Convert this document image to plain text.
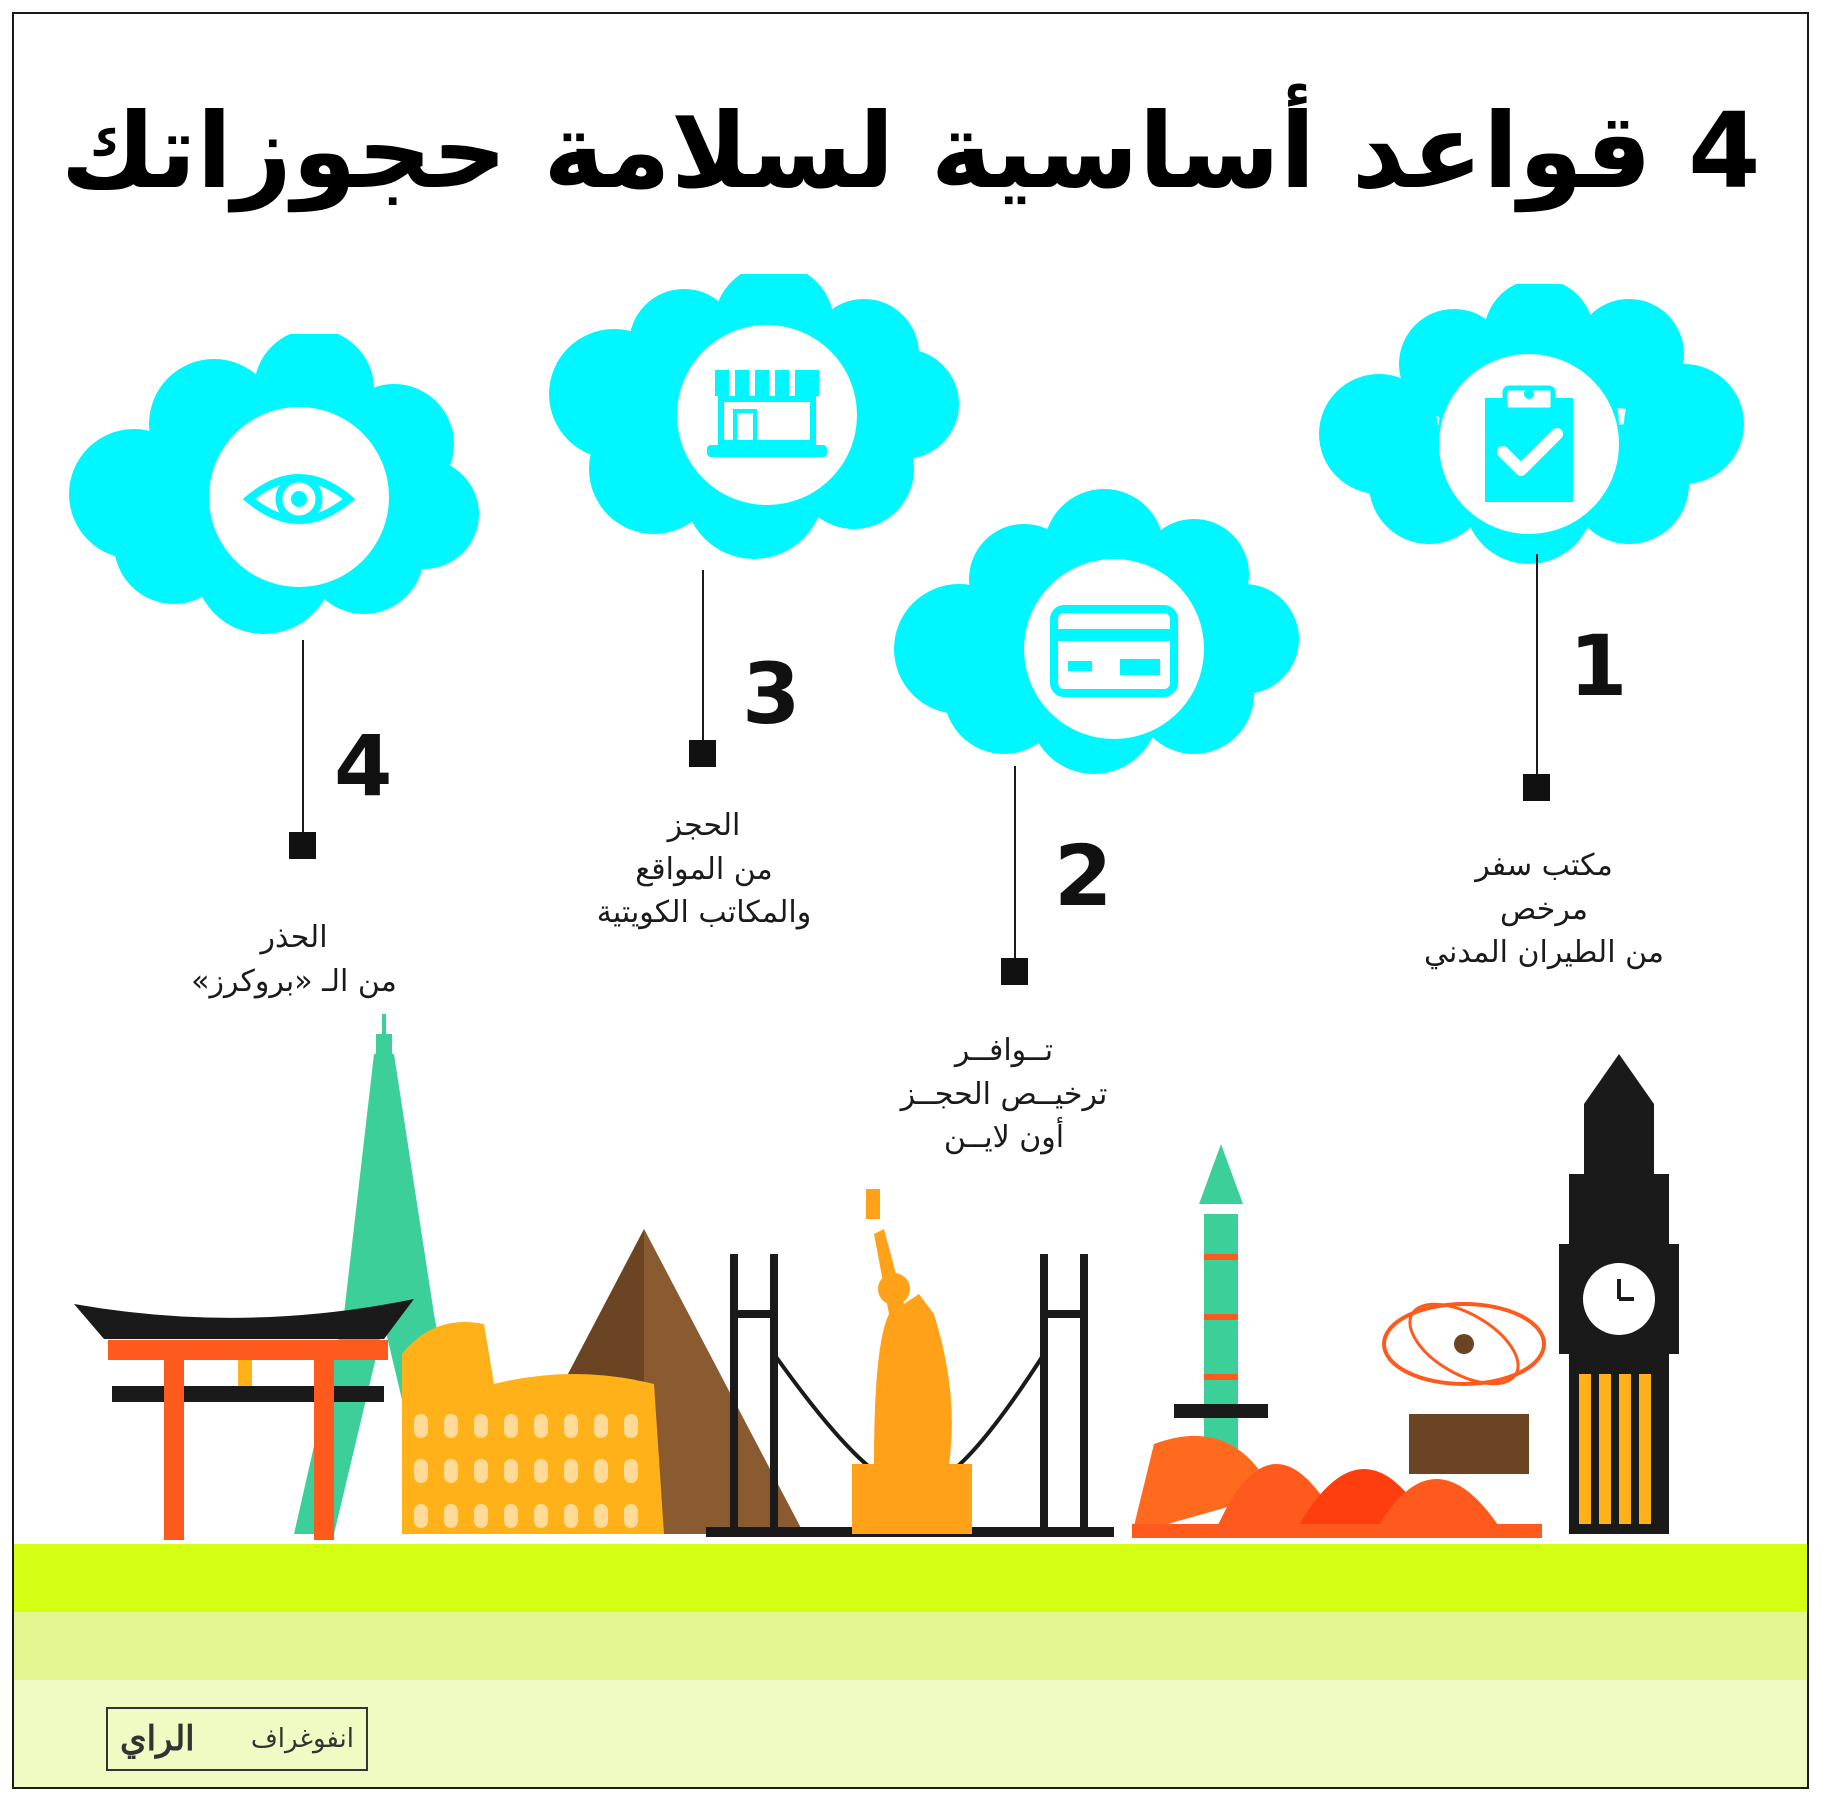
4 قواعد أساسية لسلامة حجوزاتك
1
2
3
4
مكتب سفر
مرخص
من الطيران المدني
تــوافــر
ترخيــص الحجــز
أون لايــن
الحجز
من المواقع
والمكاتب الكويتية
الحذر
من الـ «بروكرز»
انفوغراف
الراي
